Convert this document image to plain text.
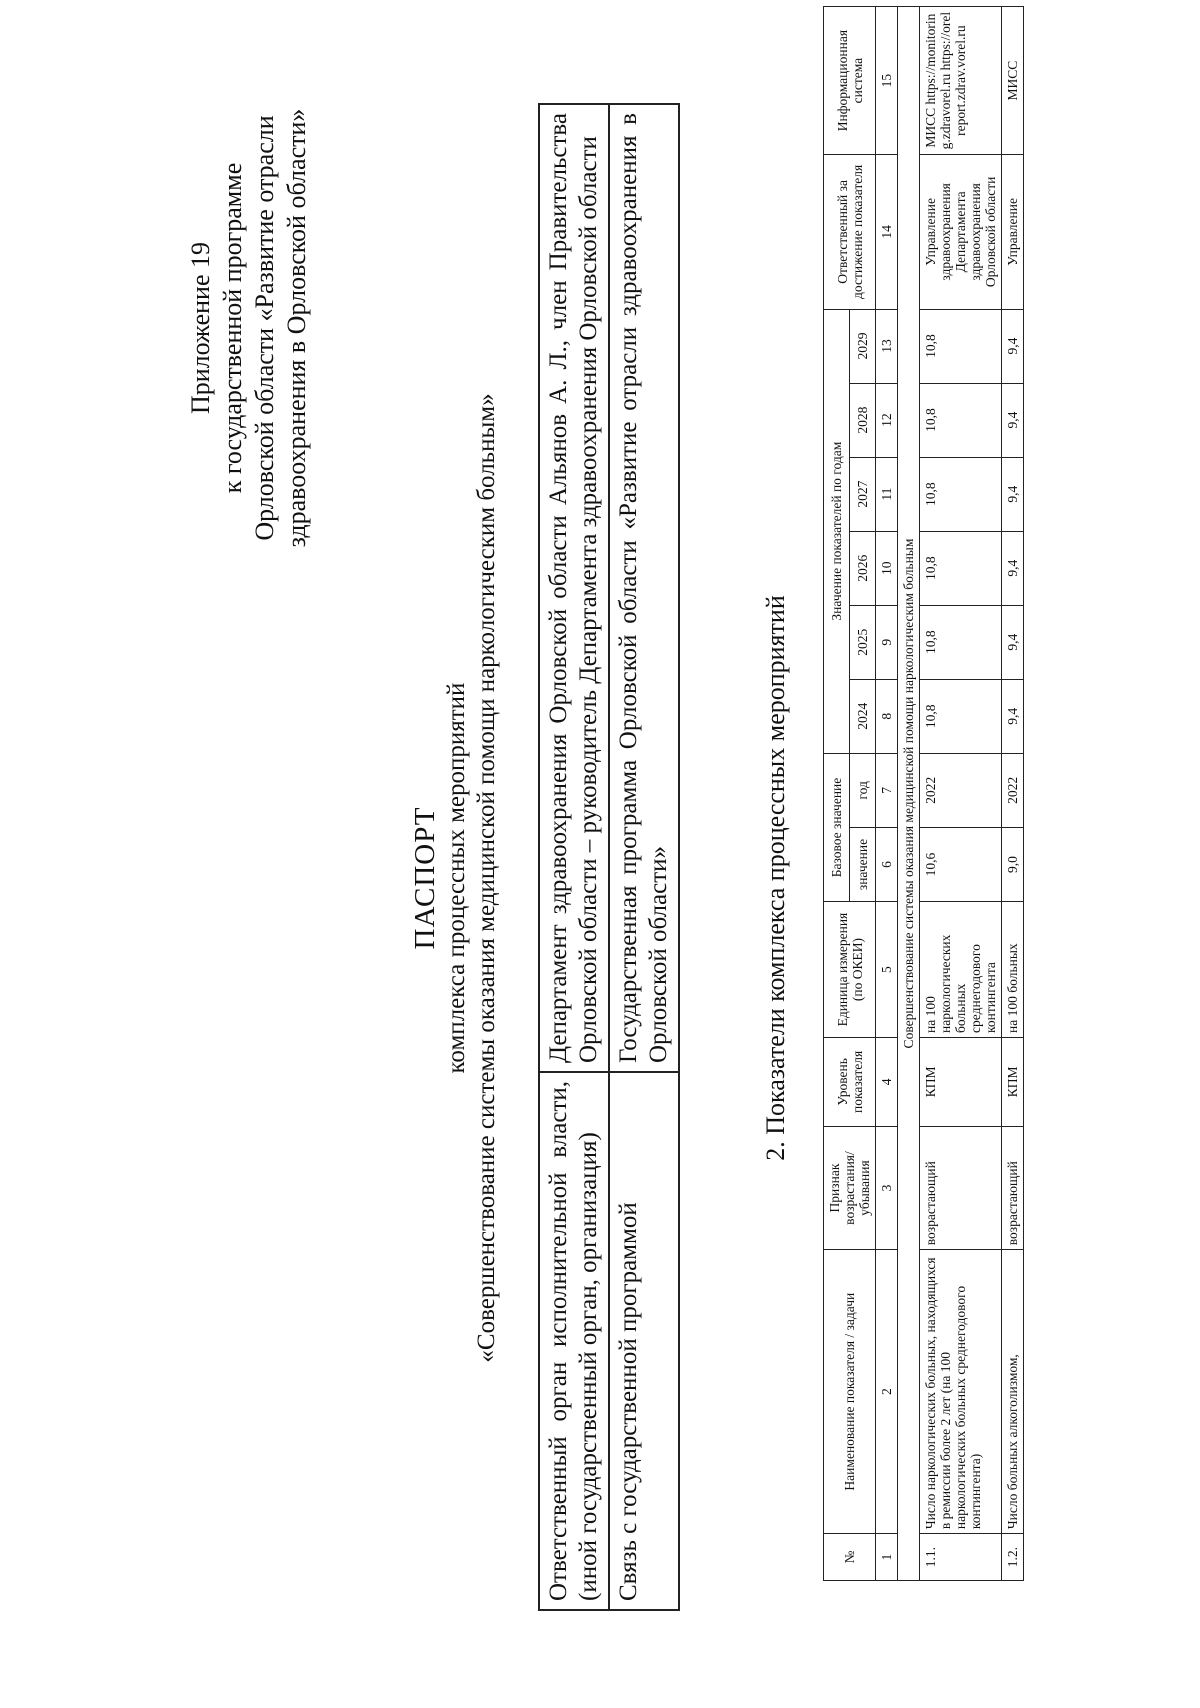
Приложение 19 к государственной программе Орловской области «Развитие отрасли здравоохранения в Орловской области»
ПАСПОРТ комплекса процессных мероприятий «Совершенствование системы оказания медицинской помощи наркологическим больным» Ответственный орган исполнительной власти, (иной государственный орган, организация)	Департамент здравоохранения Орловской области Альянов А. Л., член Правительства Орловской области – руководитель Департамента здравоохранения Орловской области
Связь с государственной программой	Государственная программа Орловской области «Развитие отрасли здравоохранения в Орловской области»	2. Показатели комплекса процессных мероприятий
№	Наименование показателя / задачи	Признак возрастания/ убывания	Уровень показателя	Единица измерения (по ОКЕИ)	Базовое значение		Значение показателей по годам						Ответственный за достижение показателя	Информационная система
					значение	год	2024	2025	2026	2027	2028	2029		
1	2	3	4	5	6	7	8	9	10	11	12	13	14	15
Совершенствование системы оказания медицинской помощи наркологическим больным														
1.1.	Число наркологических больных, находящихся в ремиссии более 2 лет (на 100 наркологических больных среднегодового контингента)	возрастающий	КПМ	на 100 наркологических больных среднегодового контингента	10,6	2022	10,8	10,8	10,8	10,8	10,8	10,8	Управление здравоохранения Департамента здравоохранения Орловской области	МИСС https://monitoring.zdravorel.ru https://orelreport.zdrav.vorel.ru
1.2.	Число больных алкоголизмом,	возрастающий	КПМ	на 100 больных	9,0	2022	9,4	9,4	9,4	9,4	9,4	9,4	Управление	МИСС
